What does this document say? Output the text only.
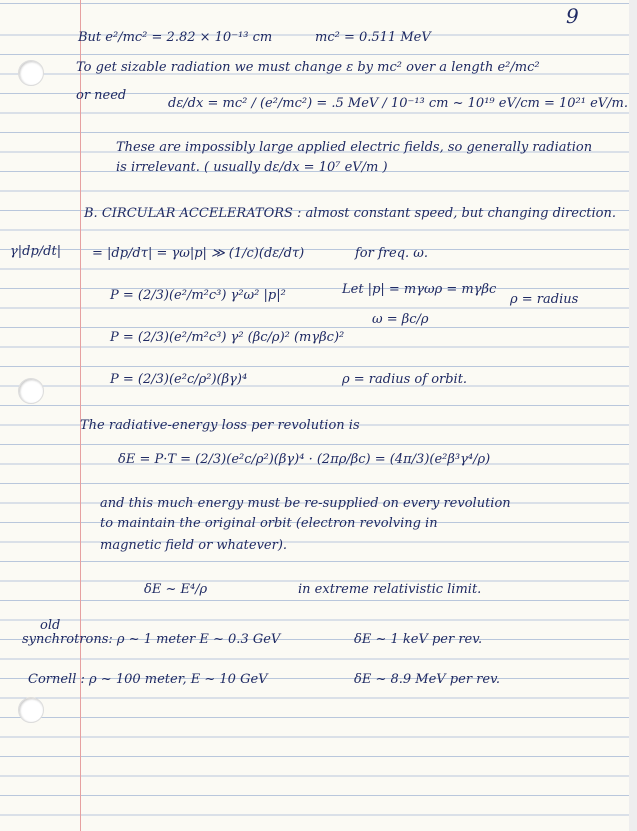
9
But e²/mc² = 2.82 × 10⁻¹³ cm	mc² = 0.511 MeV
To get sizable radiation we must change ε by mc² over a length e²/mc²
or need
dε/dx = mc² / (e²/mc²) = .5 MeV / 10⁻¹³ cm ~ 10¹⁹ eV/cm = 10²¹ eV/m.
These are impossibly large applied electric fields, so generally radiation
is irrelevant. ( usually dε/dx = 10⁷ eV/m )
B. CIRCULAR ACCELERATORS : almost constant speed, but changing direction.
γ|dp/dt| = |dp/dτ| = γω|p| ≫ (1/c)(dε/dτ)	for freq. ω.
P = (2/3)(e²/m²c³) γ²ω² |p|²	Let |p| = mγωρ = mγβc
ρ = radius
P = (2/3)(e²/m²c³) γ² (βc/ρ)² (mγβc)²
ω = βc/ρ
P = (2/3)(e²c/ρ²)(βγ)⁴	ρ = radius of orbit.
The radiative-energy loss per revolution is
δE = P·T = (2/3)(e²c/ρ²)(βγ)⁴ · (2πρ/βc) = (4π/3)(e²β³γ⁴/ρ)
and this much energy must be re-supplied on every revolution
to maintain the original orbit (electron revolving in
magnetic field or whatever).
δE ~ E⁴/ρ	in extreme relativistic limit.
old
synchrotrons: ρ ~ 1 meter E ~ 0.3 GeV	δE ~ 1 keV per rev.
Cornell : ρ ~ 100 meter, E ~ 10 GeV	δE ~ 8.9 MeV per rev.
